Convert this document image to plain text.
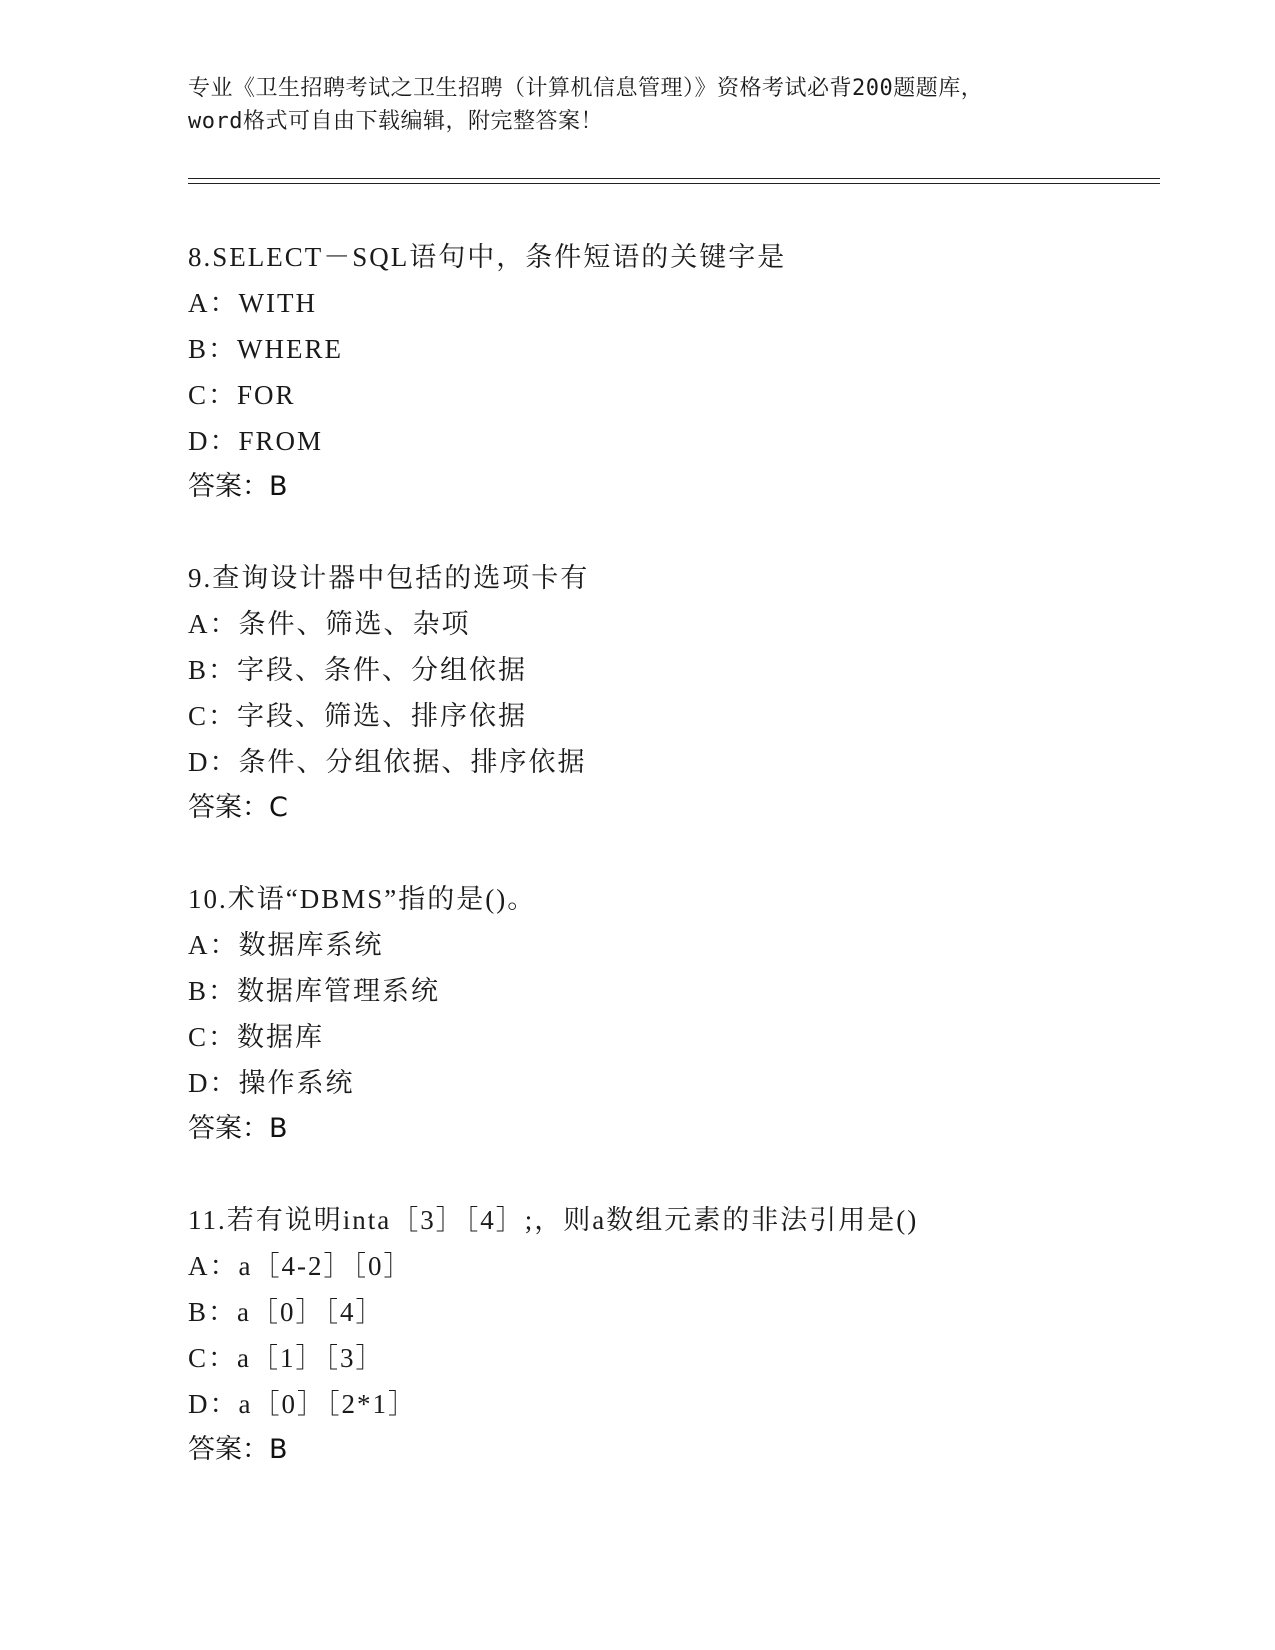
专业《卫生招聘考试之卫生招聘（计算机信息管理）》资格考试必背200题题库，
word格式可自由下载编辑，附完整答案！
8.SELECT－SQL语句中，条件短语的关键字是
A：WITH
B：WHERE
C：FOR
D：FROM
答案：B
9.查询设计器中包括的选项卡有
A：条件、筛选、杂项
B：字段、条件、分组依据
C：字段、筛选、排序依据
D：条件、分组依据、排序依据
答案：C
10.术语“DBMS”指的是()。
A：数据库系统
B：数据库管理系统
C：数据库
D：操作系统
答案：B
11.若有说明inta［3］［4］;，则a数组元素的非法引用是()
A：a［4-2］［0］
B：a［0］［4］
C：a［1］［3］
D：a［0］［2*1］
答案：B
